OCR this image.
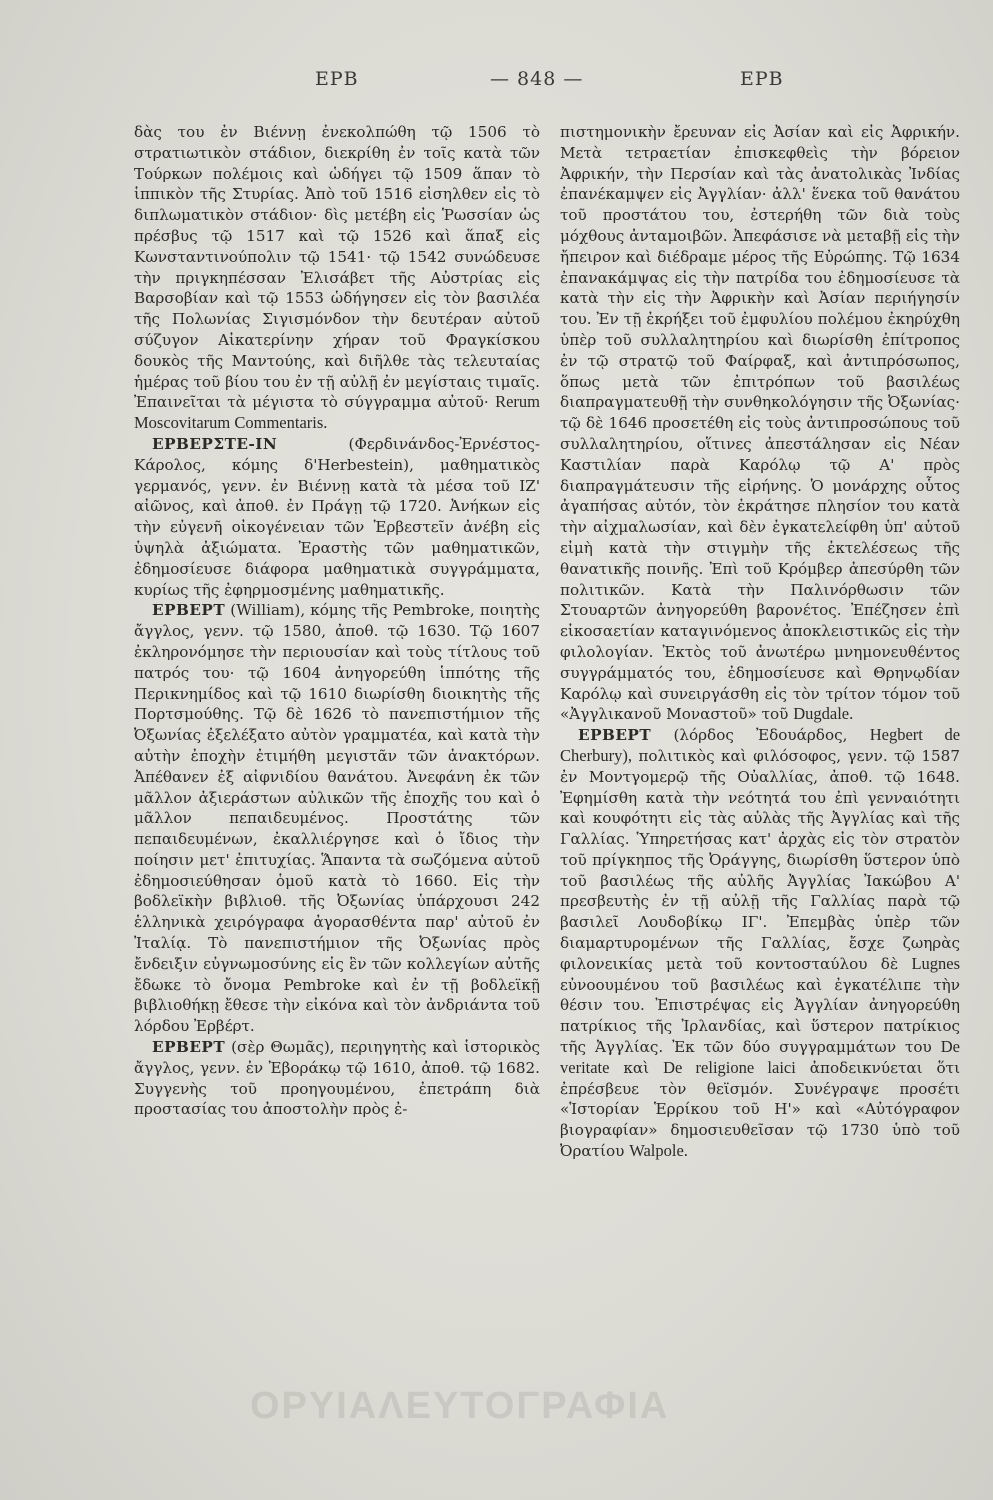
ΕΡΒ	— 848 —	ΕΡΒ

δὰς του ἐν Βιέννῃ ἐνεκολπώθη τῷ 1506 τὸ στρατιωτικὸν στάδιον, διεκρίθη ἐν τοῖς κατὰ τῶν Τούρκων πολέμοις καὶ ὡδήγει τῷ 1509 ἅπαν τὸ ἱππικὸν τῆς Στυρίας. Ἀπὸ τοῦ 1516 εἰσηλθεν εἰς τὸ διπλωματικὸν στάδιον· δὶς μετέβη εἰς Ῥωσσίαν ὡς πρέσβυς τῷ 1517 καὶ τῷ 1526 καὶ ἅπαξ εἰς Κωνσταντινούπολιν τῷ 1541· τῷ 1542 συνώδευσε τὴν πριγκηπέσσαν Ἐλισάβετ τῆς Αὐστρίας εἰς Βαρσοβίαν καὶ τῷ 1553 ὡδήγησεν εἰς τὸν βασιλέα τῆς Πολωνίας Σιγισμόνδον τὴν δευτέραν αὐτοῦ σύζυγον Αἰκατερίνην χήραν τοῦ Φραγκίσκου δουκὸς τῆς Μαντούης, καὶ διῆλθε τὰς τελευταίας ἡμέρας τοῦ βίου του ἐν τῇ αὐλῇ ἐν μεγίσταις τιμαῖς. Ἐπαινεῖται τὰ μέγιστα τὸ σύγγραμμα αὐτοῦ· Rerum Moscovitarum Commentaris.

ΕΡΒΕΡΣΤΕ-ΙΝ	(Φερδινάνδος-Ἐρνέστος-Κάρολος, κόμης δ'Herbestein), μαθηματικὸς γερμανός, γενν. ἐν Βιέννῃ κατὰ τὰ μέσα τοῦ ΙΖ' αἰῶνος, καὶ ἀποθ. ἐν Πράγῃ τῷ 1720. Ἀνήκων εἰς τὴν εὐγενῆ οἰκογένειαν τῶν Ἐρβεστεῖν ἀνέβη εἰς ὑψηλὰ ἀξιώματα. Ἐραστὴς τῶν μαθηματικῶν, ἐδημοσίευσε διάφορα μαθηματικὰ συγγράμματα, κυρίως τῆς ἐφηρμοσμένης μαθηματικῆς.

ΕΡΒΕΡΤ (William), κόμης τῆς Pembroke, ποιητὴς ἄγγλος, γενν. τῷ 1580, ἀποθ. τῷ 1630. Τῷ 1607 ἐκληρονόμησε τὴν περιουσίαν καὶ τοὺς τίτλους τοῦ πατρός του· τῷ 1604 ἀνηγορεύθη ἱππότης τῆς Περικνημίδος καὶ τῷ 1610 διωρίσθη διοικητὴς τῆς Πορτσμούθης. Τῷ δὲ 1626 τὸ πανεπιστήμιον τῆς Ὀξωνίας ἐξελέξατο αὐτὸν γραμματέα, καὶ κατὰ τὴν αὐτὴν ἐποχὴν ἐτιμήθη μεγιστᾶν τῶν ἀνακτόρων. Ἀπέθανεν ἐξ αἰφνιδίου θανάτου. Ἀνεφάνη ἐκ τῶν μᾶλλον ἀξιεράστων αὐλικῶν τῆς ἐποχῆς του καὶ ὁ μᾶλλον πεπαιδευμένος. Προστάτης τῶν πεπαιδευμένων, ἐκαλλιέργησε καὶ ὁ ἴδιος τὴν ποίησιν μετ' ἐπιτυχίας. Ἅπαντα τὰ σωζόμενα αὐτοῦ ἐδημοσιεύθησαν ὁμοῦ κατὰ τὸ 1660. Εἰς τὴν βοδλεϊκὴν βιβλιοθ. τῆς Ὀξωνίας ὑπάρχουσι 242 ἑλληνικὰ χειρόγραφα ἀγορασθέντα παρ' αὐτοῦ ἐν Ἰταλίᾳ. Τὸ πανεπιστήμιον τῆς Ὀξωνίας πρὸς ἔνδειξιν εὐγνωμοσύνης εἰς ἓν τῶν κολλεγίων αὐτῆς ἔδωκε τὸ ὄνομα Pembroke καὶ ἐν τῇ βοδλεϊκῇ βιβλιοθήκῃ ἔθεσε τὴν εἰκόνα καὶ τὸν ἀνδριάντα τοῦ λόρδου Ἐρβέρτ.

ΕΡΒΕΡΤ (σὲρ Θωμᾶς), περιηγητὴς καὶ ἱστορικὸς ἄγγλος, γενν. ἐν Ἐβοράκῳ τῷ 1610, ἀποθ. τῷ 1682. Συγγενὴς τοῦ προηγουμένου, ἐπετράπη διὰ προστασίας του ἀποστολὴν πρὸς ἐ-

πιστημονικὴν ἔρευναν εἰς Ἀσίαν καὶ εἰς Ἀφρικήν. Μετὰ τετραετίαν ἐπισκεφθεὶς τὴν βόρειον Ἀφρικήν, τὴν Περσίαν καὶ τὰς ἀνατολικὰς Ἰνδίας ἐπανέκαμψεν εἰς Ἀγγλίαν· ἀλλ' ἕνεκα τοῦ θανάτου τοῦ προστάτου του, ἐστερήθη τῶν διὰ τοὺς μόχθους ἀνταμοιβῶν. Ἀπεφάσισε νὰ μεταβῇ εἰς τὴν ἤπειρον καὶ διέδραμε μέρος τῆς Εὐρώπης. Τῷ 1634 ἐπανακάμψας εἰς τὴν πατρίδα του ἐδημοσίευσε τὰ κατὰ τὴν εἰς τὴν Ἀφρικὴν καὶ Ἀσίαν περιήγησίν του. Ἐν τῇ ἐκρήξει τοῦ ἐμφυλίου πολέμου ἐκηρύχθη ὑπὲρ τοῦ συλλαλητηρίου καὶ διωρίσθη ἐπίτροπος ἐν τῷ στρατῷ τοῦ Φαίρφαξ, καὶ ἀντιπρόσωπος, ὅπως μετὰ τῶν ἐπιτρόπων τοῦ βασιλέως διαπραγματευθῇ τὴν συνθηκολόγησιν τῆς Ὀξωνίας· τῷ δὲ 1646 προσετέθη εἰς τοὺς ἀντιπροσώπους τοῦ συλλαλητηρίου, οἵτινες ἀπεστάλησαν εἰς Νέαν Καστιλίαν παρὰ Καρόλῳ τῷ Α' πρὸς διαπραγμάτευσιν τῆς εἰρήνης. Ὁ μονάρχης οὗτος ἀγαπήσας αὐτόν, τὸν ἐκράτησε πλησίον του κατὰ τὴν αἰχμαλωσίαν, καὶ δὲν ἐγκατελείφθη ὑπ' αὐτοῦ εἰμὴ κατὰ τὴν στιγμὴν τῆς ἐκτελέσεως τῆς θανατικῆς ποινῆς. Ἐπὶ τοῦ Κρόμβερ ἀπεσύρθη τῶν πολιτικῶν. Κατὰ τὴν Παλινόρθωσιν τῶν Στουαρτῶν ἀνηγορεύθη βαρονέτος. Ἐπέζησεν ἐπὶ εἰκοσαετίαν καταγινόμενος ἀποκλειστικῶς εἰς τὴν φιλολογίαν. Ἐκτὸς τοῦ ἀνωτέρω μνημονευθέντος συγγράμματός του, ἐδημοσίευσε καὶ Θρηνῳδίαν Καρόλῳ καὶ συνειργάσθη εἰς τὸν τρίτον τόμον τοῦ «Ἀγγλικανοῦ Μοναστοῦ» τοῦ Dugdale.

ΕΡΒΕΡΤ (λόρδος Ἐδουάρδος, Hegbert de Cherbury), πολιτικὸς καὶ φιλόσοφος, γενν. τῷ 1587 ἐν Μοντγομερῷ τῆς Οὐαλλίας, ἀποθ. τῷ 1648. Ἐφημίσθη κατὰ τὴν νεότητά του ἐπὶ γενναιότητι καὶ κουφότητι εἰς τὰς αὐλὰς τῆς Ἀγγλίας καὶ τῆς Γαλλίας. Ὑπηρετήσας κατ' ἀρχὰς εἰς τὸν στρατὸν τοῦ πρίγκηπος τῆς Ὀράγγης, διωρίσθη ὕστερον ὑπὸ τοῦ βασιλέως τῆς αὐλῆς Ἀγγλίας Ἰακώβου Α' πρεσβευτὴς ἐν τῇ αὐλῇ τῆς Γαλλίας παρὰ τῷ βασιλεῖ Λουδοβίκῳ ΙΓ'. Ἐπεμβὰς ὑπὲρ τῶν διαμαρτυρομένων τῆς Γαλλίας, ἔσχε ζωηρὰς φιλονεικίας μετὰ τοῦ κοντοσταύλου δὲ Lugnes εὐνοουμένου τοῦ βασιλέως καὶ ἐγκατέλιπε τὴν θέσιν του. Ἐπιστρέψας εἰς Ἀγγλίαν ἀνηγορεύθη πατρίκιος τῆς Ἰρλανδίας, καὶ ὕστερον πατρίκιος τῆς Ἀγγλίας. Ἐκ τῶν δύο συγγραμμάτων του De veritate καὶ De religione laici ἀποδεικνύεται ὅτι ἐπρέσβευε τὸν θεϊσμόν. Συνέγραψε προσέτι «Ἱστορίαν Ἑρρίκου τοῦ Η'» καὶ «Αὐτόγραφον βιογραφίαν» δημοσιευθεῖσαν τῷ 1730 ὑπὸ τοῦ Ὀρατίου Walpole.

ΟΡΥΙΑΛΕΥΤΟΓΡΑΦΙΑ
